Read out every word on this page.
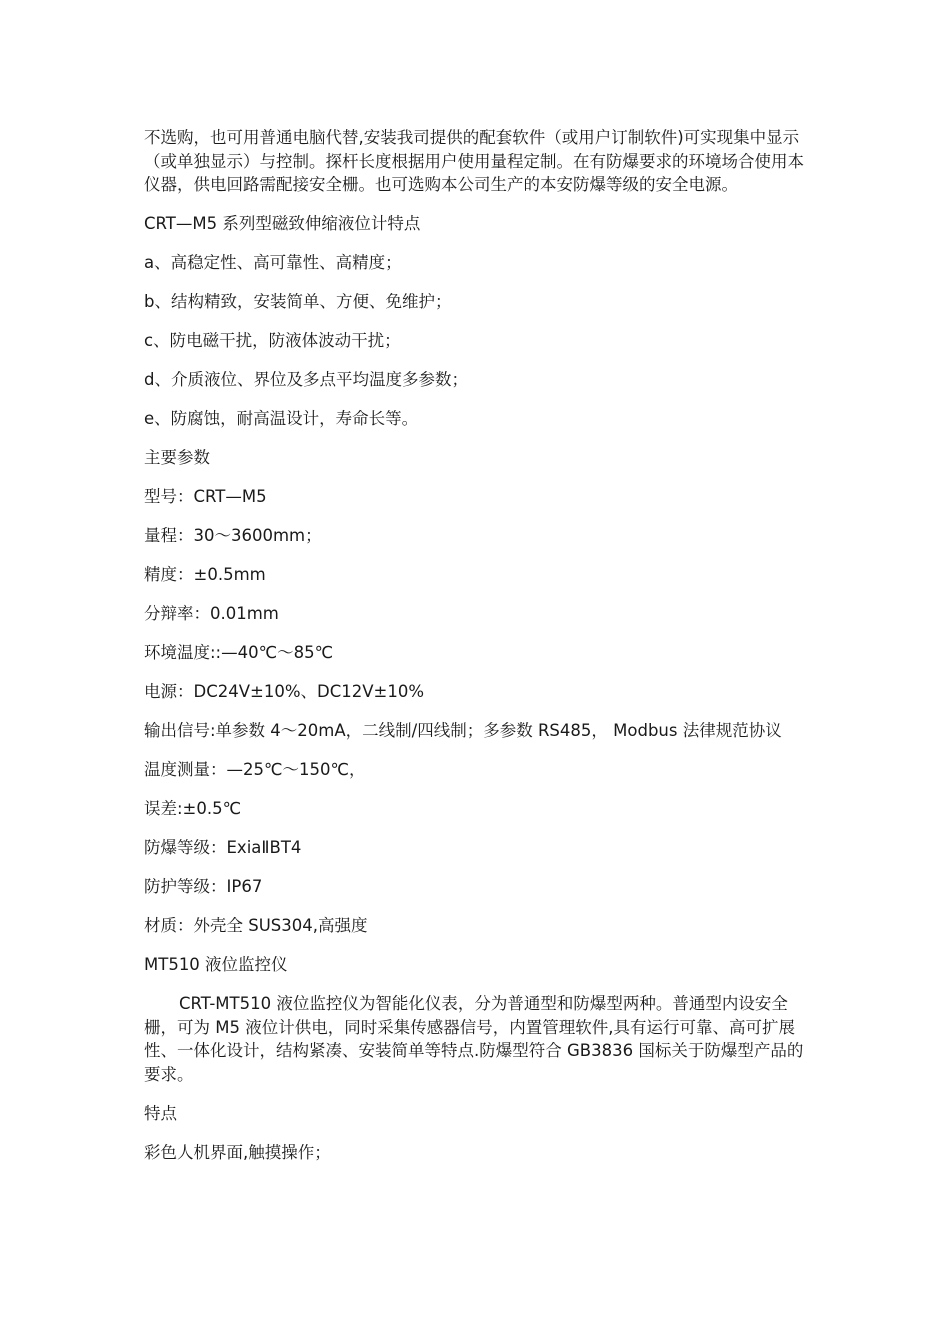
不选购，也可用普通电脑代替,安装我司提供的配套软件（或用户订制软件)可实现集中显示（或单独显示）与控制。探杆长度根据用户使用量程定制。在有防爆要求的环境场合使用本仪器，供电回路需配接安全栅。也可选购本公司生产的本安防爆等级的安全电源。

CRT—M5 系列型磁致伸缩液位计特点

a、高稳定性、高可靠性、高精度；

b、结构精致，安装简单、方便、免维护；

c、防电磁干扰，防液体波动干扰；

d、介质液位、界位及多点平均温度多参数；

e、防腐蚀，耐高温设计，寿命长等。

主要参数

型号：CRT—M5

量程：30～3600mm；

精度：±0.5mm

分辩率：0.01mm

环境温度::—40℃～85℃

电源：DC24V±10%、DC12V±10%

输出信号:单参数 4～20mA，二线制/四线制；多参数 RS485， Modbus 法律规范协议

温度测量：—25℃～150℃，

误差:±0.5℃

防爆等级：ExiaⅡBT4

防护等级：IP67

材质：外壳全 SUS304,高强度

MT510 液位监控仪

CRT-MT510 液位监控仪为智能化仪表，分为普通型和防爆型两种。普通型内设安全栅，可为 M5 液位计供电，同时采集传感器信号，内置管理软件,具有运行可靠、高可扩展性、一体化设计，结构紧凑、安装简单等特点.防爆型符合 GB3836 国标关于防爆型产品的要求。

特点

彩色人机界面,触摸操作；
